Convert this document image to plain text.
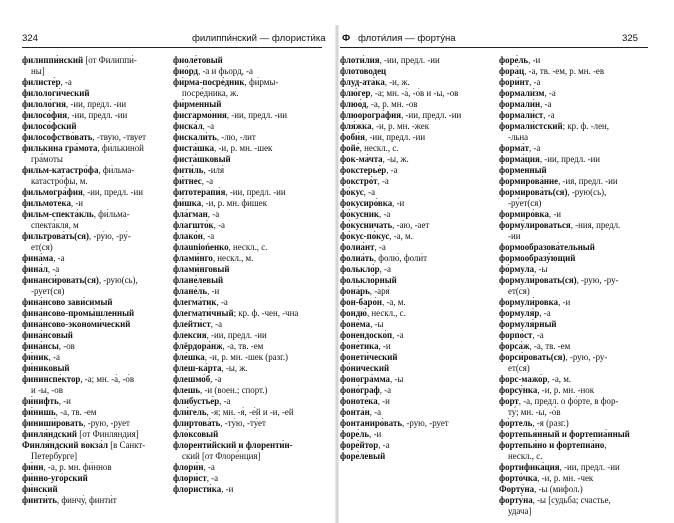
324	филиппи́нский — флористи́ка
филиппи́нский [от Филиппи́-
ны]
филисте́р, -а
филологи́ческий
филоло́гия, -ии, предл. -ии
филосо́фия, -ии, предл. -ии
филосо́фский
философство́вать, -твую, -твует
филькина гра́мота, фи́лькиной
гра́моты
фильм-катастро́фа, фи́льма-
катастро́фы, м.
фильмогра́фия, -ии, предл. -ии
фильмоте́ка, -и
фильм-спекта́кль, фи́льма-
спекта́кля, м
фильтрова́ть(ся), -ру́ю, -ру́-
ет(ся)
фина́ма, -а
фина́л, -а
финанси́ровать(ся), -рую(сь),
-рует(ся)
фина́нсово зави́симый
фина́нсово-промы́шленный
фина́нсово-экономи́ческий
фина́нсовый
фина́нсы, -ов
фи́ник, -а
фи́никовый
фининспе́ктор, -а; мн. -а́, -о́в
и -ы, -ов
фи́нифть, -и
фи́нишь, -а, тв. -ем
финиши́ровать, -рую, -рует
финля́ндский [от Финля́ндия]
Финля́ндский вокза́л [в Санкт-
Петербурге]
фи́нн, -а, р. мн. фи́ннов
фи́нно-уго́рский
фи́нский
финти́ть, финчу́, финти́т
фиоле́товый
фио́рд, -а и фьорд, -а
фи́рма-посре́дник, фи́рмы-
посре́дника, ж.
фи́рменный
фисгармо́ния, -ии, предл. -ии
фиска́л, -а
фискали́ть, -лю, -лит
фиста́шка, -и, р. мн. -шек
фиста́шковый
фити́ль, -иля́
фи́тнес, -а
фитотерапи́я, -ии, предл. -ии
фи́шка, -и, р. мн. фи́шек
фла́гман, -а
флагшто́к, -а
флако́н, -а
флаuniońенко, нескл., с.
флами́нго, нескл., м.
флами́нговый
флане́левый
флане́ль, -и
флегма́тик, -а
флегмати́чный; кр. ф. -чен, -чна
флейти́ст, -а
флексия, -ии, предл. -ии
флёрдора́нж, -а, тв. -ем
фле́шка, -и, р. мн. -шек (разг.)
флеш-ка́рта, -ы, ж.
флешмо́б, -а
флешь, -и (воен.; спорт.)
флибустье́р, -а
фли́гель, -я; мн. -я́, -е́й и -и, -ей
флиртова́ть, -ту́ю, -ту́ет
фло́ксовый
флоренти́йский и флоренти́н-
ский [от Флоре́нция]
флори́н, -а
флори́ст, -а
флористи́ка, -и
Ф флоти́лия — форту́на	325
флоти́лия, -ии, предл. -ии
флотоводец
флуд-ата́ка, -и, ж.
флю́гер, -а; мн. -а́, -о́в и -ы, -ов
флюо́д, -а, р. мн. -ов
флюорогра́фия, -ии, предл. -ии
фля́жка, -и, р. мн. -жек
фоби́я, -ии, предл. -ии
фойе́, нескл., с.
фок-ма́чта, -ы, ж.
фокстерье́р, -а
фокстро́т, -а
фо́кус, -а
фокусиро́вка, -и
фо́кусник, -а
фо́кусничать, -аю, -ает
фо́кус-по́кус, -а, м.
фолиа́нт, -а
фолиа́ть, фолю́, фоли́т
фолькло́р, -а
фолькло́рный
фона́рь, -аря́
фон-баро́н, -а, м.
фондю́, нескл., с.
фоне́ма, -ы
фонендоско́п, -а
фоне́тика, -и
фонети́ческий
фо́нический
фоногра́мма, -ы
фоно́граф, -а
фоноте́ка, -и
фонта́н, -а
фонтаниро́вать, -рую, -рует
форе́ль, -и
форе́йтор, -а
форе́левый
форе́ль, -и
фора́ц, -а, тв. -ем, р. мн. -ев
фори́нт, -а
формали́зм, -а
формали́н, -а
формали́ст, -а
формали́стский; кр. ф. -лен,
-льна
форма́т, -а
форма́ция, -ии, предл. -ии
форменный
формирова́ние, -ия, предл. -ии
формирова́ть(ся), -рую(сь),
-ру́ет(ся)
формиро́вка, -и
форму́лироваться, -ния, предл.
-ии
формообразова́тельный
формообразу́ющий
фо́рмула, -ы
формули́ровать(ся), -рую, -ру-
ет(ся)
формули́ровка, -и
формуля́р, -а
формуля́рный
форпо́ст, -а
форса́ж, -а, тв. -ем
форси́ровать(ся), -рую, -ру-
ет(ся)
форс-мажо́р, -а, м.
форсу́нка, -и, р. мн. -нок
форт, -а, предл. о фо́рте, в фор-
ту́; мн. -ы, -о́в
фо́ртель, -я (разг.)
фортепья́нный и фортепиа́нный
фортепья́но и фортепиа́но,
нескл., с.
фортифика́ция, -ии, предл. -ии
форто́чка, -и, р. мн. -чек
Форту́на, -ы (мифол.)
форту́на, -ы [судьба; счастье,
удача]
